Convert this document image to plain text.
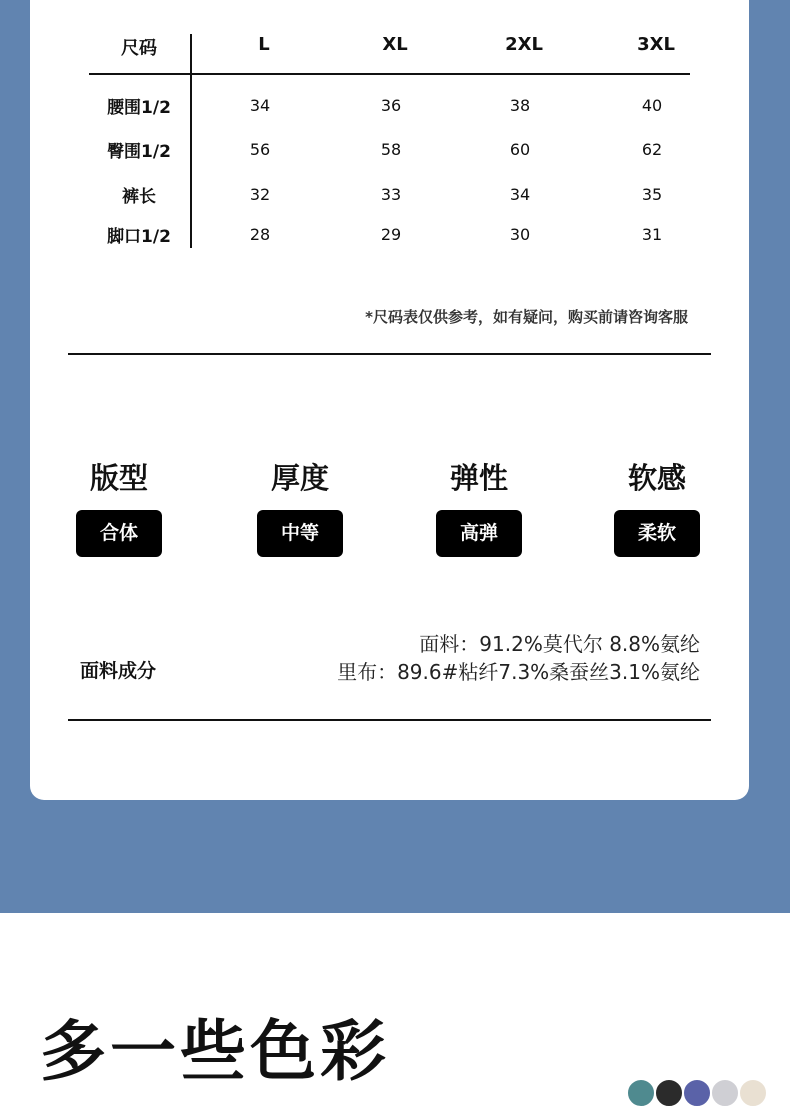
尺码	L	XL	2XL	3XL
腰围1/2	34	36	38	40
臀围1/2	56	58	60	62
裤长	32	33	34	35
脚口1/2	28	29	30	31
*尺码表仅供参考，如有疑问，购买前请咨询客服
版型
合体
厚度
中等
弹性
高弹
软感
柔软
面料成分
面料：91.2%莫代尔 8.8%氨纶
里布：89.6#粘纤7.3%桑蚕丝3.1%氨纶
多一些色彩
